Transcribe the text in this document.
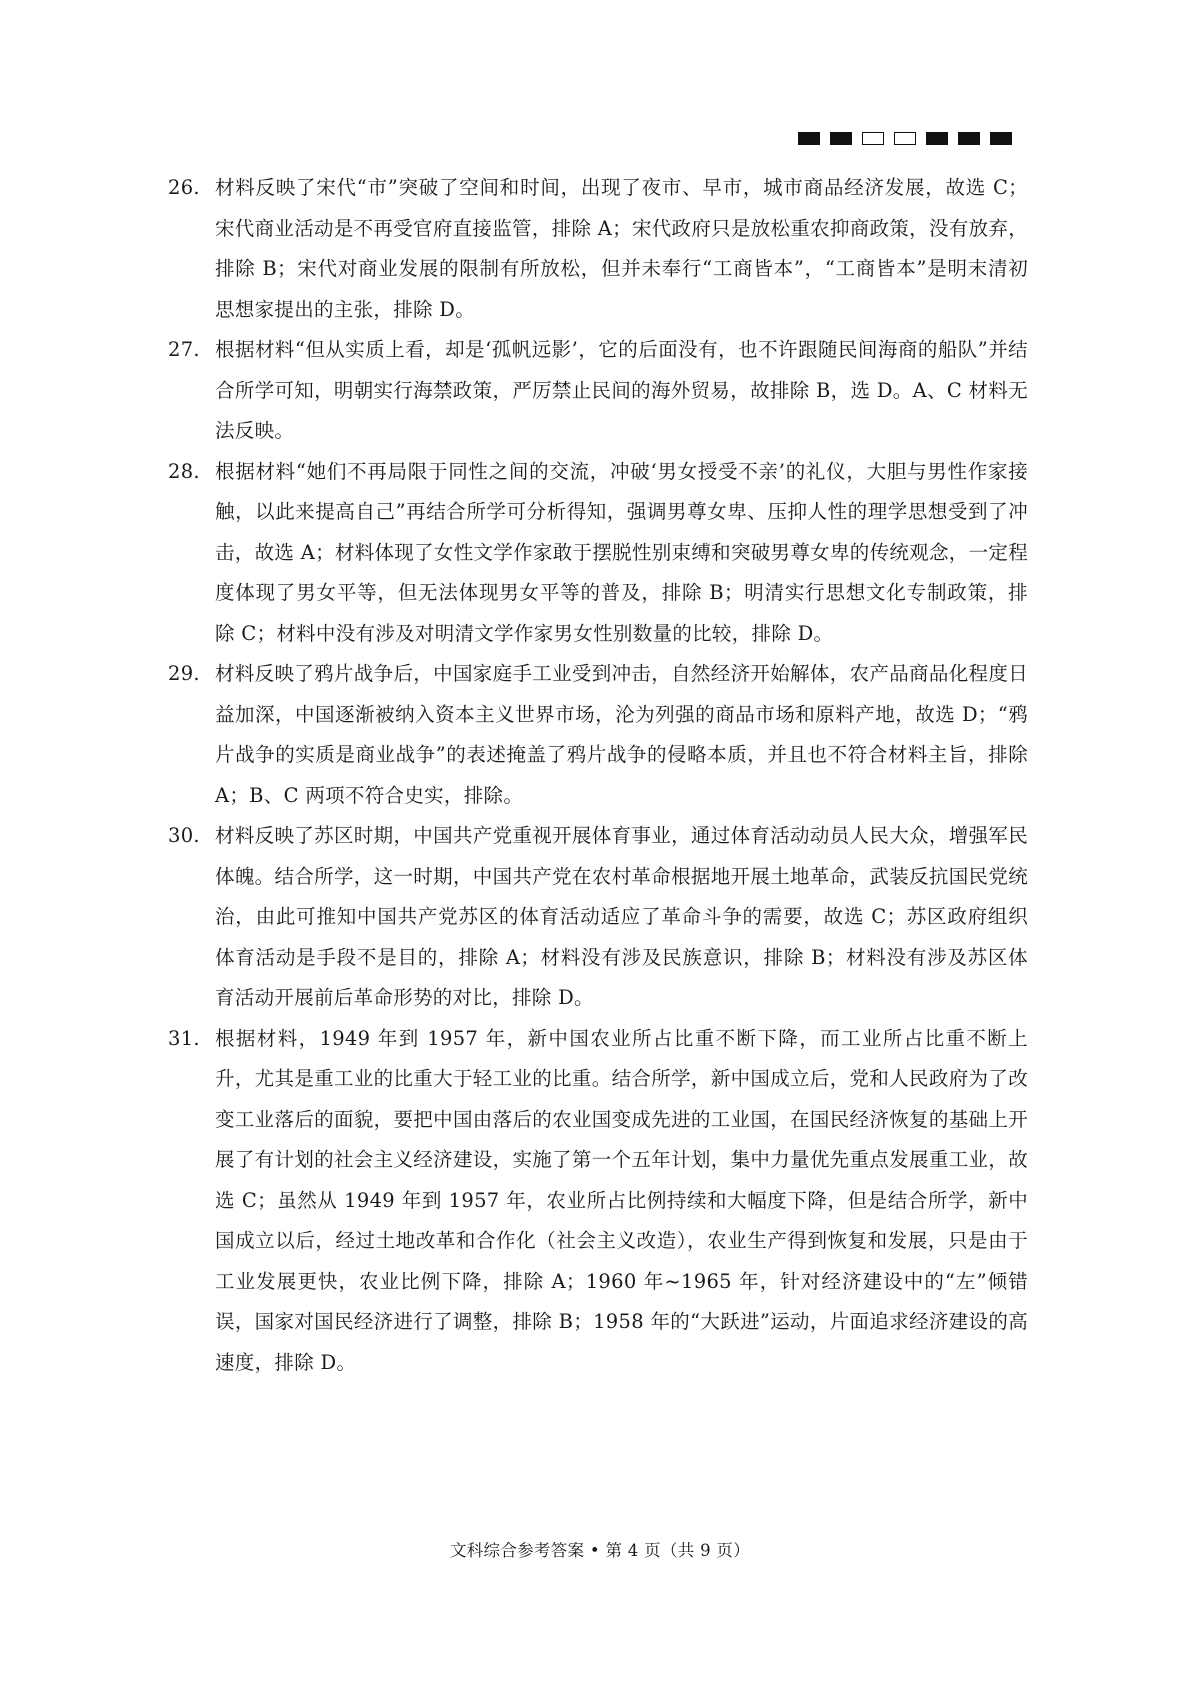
26. 材料反映了宋代“市”突破了空间和时间，出现了夜市、早市，城市商品经济发展，故选 C；宋代商业活动是不再受官府直接监管，排除 A；宋代政府只是放松重农抑商政策，没有放弃，排除 B；宋代对商业发展的限制有所放松，但并未奉行“工商皆本”，“工商皆本”是明末清初思想家提出的主张，排除 D。
27. 根据材料“但从实质上看，却是‘孤帆远影’，它的后面没有，也不许跟随民间海商的船队”并结合所学可知，明朝实行海禁政策，严厉禁止民间的海外贸易，故排除 B，选 D。A、C 材料无法反映。
28. 根据材料“她们不再局限于同性之间的交流，冲破‘男女授受不亲’的礼仪，大胆与男性作家接触，以此来提高自己”再结合所学可分析得知，强调男尊女卑、压抑人性的理学思想受到了冲击，故选 A；材料体现了女性文学作家敢于摆脱性别束缚和突破男尊女卑的传统观念，一定程度体现了男女平等，但无法体现男女平等的普及，排除 B；明清实行思想文化专制政策，排除 C；材料中没有涉及对明清文学作家男女性别数量的比较，排除 D。
29. 材料反映了鸦片战争后，中国家庭手工业受到冲击，自然经济开始解体，农产品商品化程度日益加深，中国逐渐被纳入资本主义世界市场，沦为列强的商品市场和原料产地，故选 D；“鸦片战争的实质是商业战争”的表述掩盖了鸦片战争的侵略本质，并且也不符合材料主旨，排除 A；B、C 两项不符合史实，排除。
30. 材料反映了苏区时期，中国共产党重视开展体育事业，通过体育活动动员人民大众，增强军民体魄。结合所学，这一时期，中国共产党在农村革命根据地开展土地革命，武装反抗国民党统治，由此可推知中国共产党苏区的体育活动适应了革命斗争的需要，故选 C；苏区政府组织体育活动是手段不是目的，排除 A；材料没有涉及民族意识，排除 B；材料没有涉及苏区体育活动开展前后革命形势的对比，排除 D。
31. 根据材料，1949 年到 1957 年，新中国农业所占比重不断下降，而工业所占比重不断上升，尤其是重工业的比重大于轻工业的比重。结合所学，新中国成立后，党和人民政府为了改变工业落后的面貌，要把中国由落后的农业国变成先进的工业国，在国民经济恢复的基础上开展了有计划的社会主义经济建设，实施了第一个五年计划，集中力量优先重点发展重工业，故选 C；虽然从 1949 年到 1957 年，农业所占比例持续和大幅度下降，但是结合所学，新中国成立以后，经过土地改革和合作化（社会主义改造），农业生产得到恢复和发展，只是由于工业发展更快，农业比例下降，排除 A；1960 年~1965 年，针对经济建设中的“左”倾错误，国家对国民经济进行了调整，排除 B；1958 年的“大跃进”运动，片面追求经济建设的高速度，排除 D。
文科综合参考答案 • 第 4 页（共 9 页）
